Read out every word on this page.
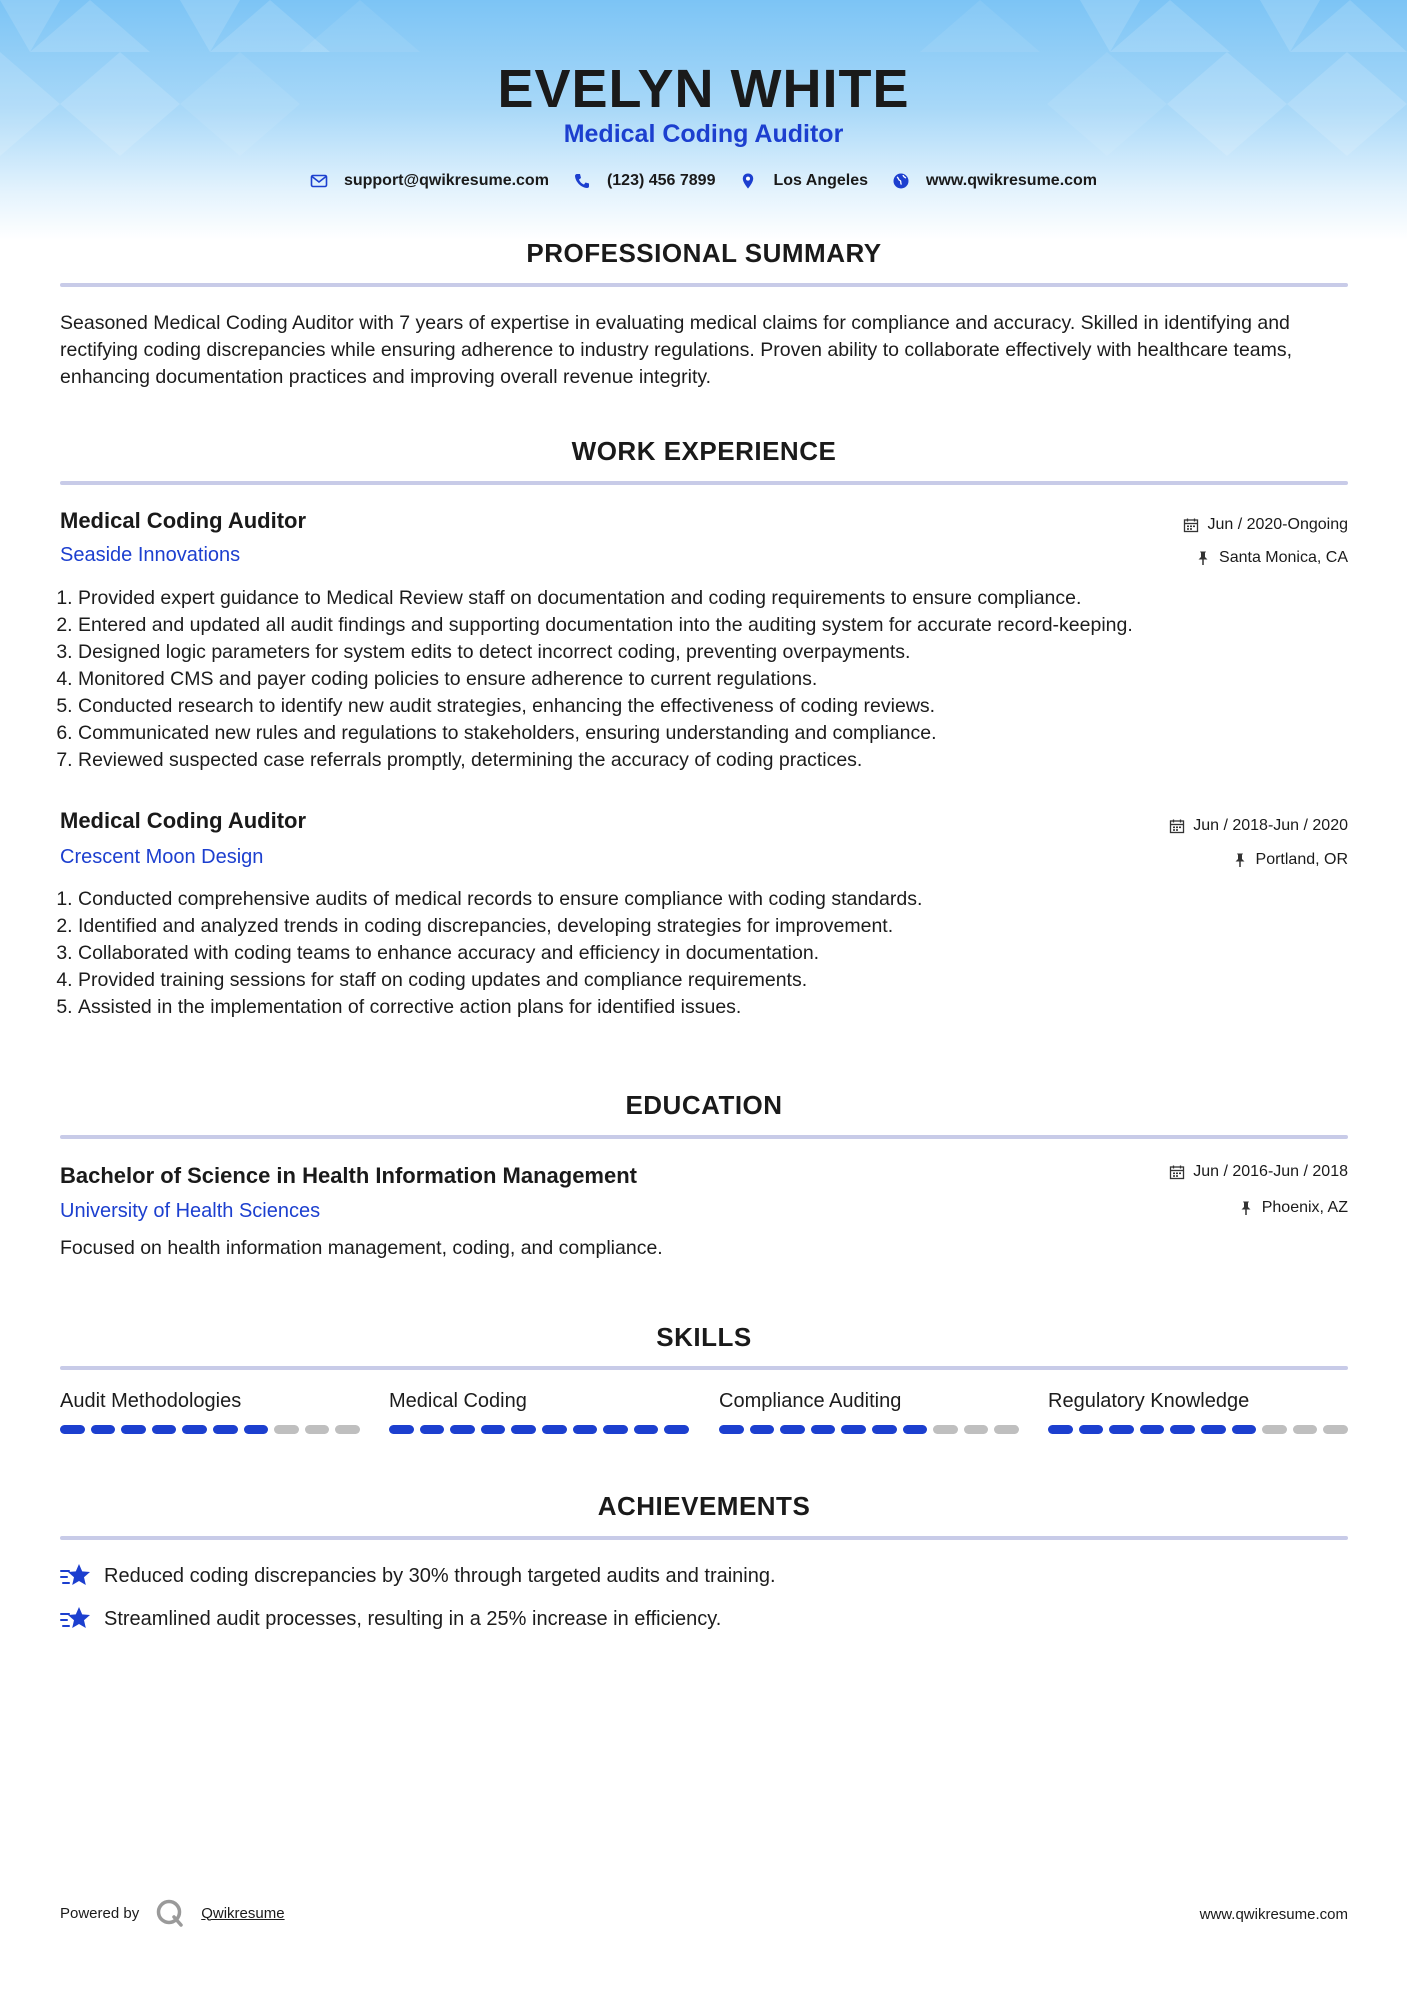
EVELYN WHITE
Medical Coding Auditor
support@qwikresume.com	(123) 456 7899	Los Angeles	www.qwikresume.com
PROFESSIONAL SUMMARY
Seasoned Medical Coding Auditor with 7 years of expertise in evaluating medical claims for compliance and accuracy. Skilled in identifying and rectifying coding discrepancies while ensuring adherence to industry regulations. Proven ability to collaborate effectively with healthcare teams, enhancing documentation practices and improving overall revenue integrity.
WORK EXPERIENCE
Medical Coding Auditor	Jun / 2020-Ongoing
Seaside Innovations	Santa Monica, CA
1. Provided expert guidance to Medical Review staff on documentation and coding requirements to ensure compliance.
2. Entered and updated all audit findings and supporting documentation into the auditing system for accurate record-keeping.
3. Designed logic parameters for system edits to detect incorrect coding, preventing overpayments.
4. Monitored CMS and payer coding policies to ensure adherence to current regulations.
5. Conducted research to identify new audit strategies, enhancing the effectiveness of coding reviews.
6. Communicated new rules and regulations to stakeholders, ensuring understanding and compliance.
7. Reviewed suspected case referrals promptly, determining the accuracy of coding practices.
Medical Coding Auditor	Jun / 2018-Jun / 2020
Crescent Moon Design	Portland, OR
1. Conducted comprehensive audits of medical records to ensure compliance with coding standards.
2. Identified and analyzed trends in coding discrepancies, developing strategies for improvement.
3. Collaborated with coding teams to enhance accuracy and efficiency in documentation.
4. Provided training sessions for staff on coding updates and compliance requirements.
5. Assisted in the implementation of corrective action plans for identified issues.
EDUCATION
Bachelor of Science in Health Information Management	Jun / 2016-Jun / 2018
University of Health Sciences	Phoenix, AZ
Focused on health information management, coding, and compliance.
SKILLS
Audit Methodologies	Medical Coding	Compliance Auditing	Regulatory Knowledge
ACHIEVEMENTS
Reduced coding discrepancies by 30% through targeted audits and training.
Streamlined audit processes, resulting in a 25% increase in efficiency.
Powered by	Qwikresume	www.qwikresume.com
